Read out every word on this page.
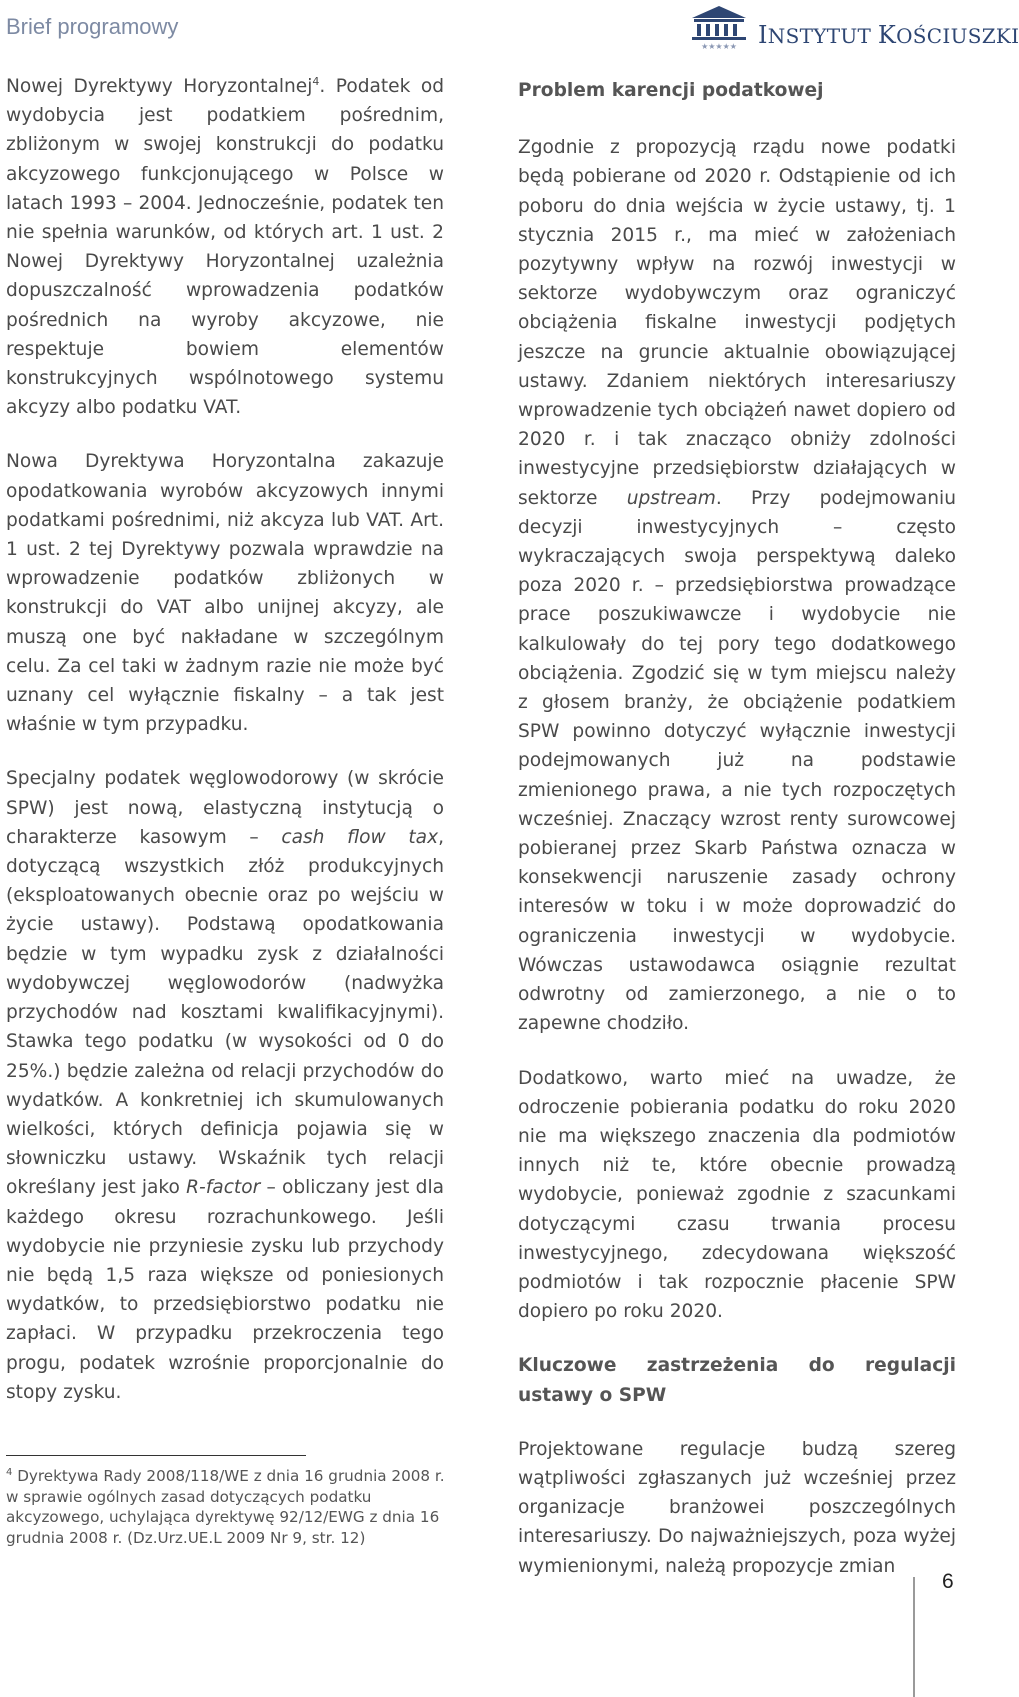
Brief programowy
★★★★★ INSTYTUT KOŚCIUSZKI

Nowej Dyrektywy Horyzontalnej$^4$. Podatek od wydobycia jest podatkiem pośrednim, zbliżonym w swojej konstrukcji do podatku akcyzowego funkcjonującego w Polsce w latach 1993 – 2004. Jednocześnie, podatek ten nie spełnia warunków, od których art. 1 ust. 2 Nowej Dyrektywy Horyzontalnej uzależnia dopuszczalność wprowadzenia podatków pośrednich na wyroby akcyzowe, nie respektuje bowiem elementów konstrukcyjnych wspólnotowego systemu akcyzy albo podatku VAT.

Nowa Dyrektywa Horyzontalna zakazuje opodatkowania wyrobów akcyzowych innymi podatkami pośrednimi, niż akcyza lub VAT. Art. 1 ust. 2 tej Dyrektywy pozwala wprawdzie na wprowadzenie podatków zbliżonych w konstrukcji do VAT albo unijnej akcyzy, ale muszą one być nakładane w szczególnym celu. Za cel taki w żadnym razie nie może być uznany cel wyłącznie fiskalny – a tak jest właśnie w tym przypadku.

Specjalny podatek węglowodorowy (w skrócie SPW) jest nową, elastyczną instytucją o charakterze kasowym – cash flow tax, dotyczącą wszystkich złóż produkcyjnych (eksploatowanych obecnie oraz po wejściu w życie ustawy). Podstawą opodatkowania będzie w tym wypadku zysk z działalności wydobywczej węglowodorów (nadwyżka przychodów nad kosztami kwalifikacyjnymi). Stawka tego podatku (w wysokości od 0 do 25%.) będzie zależna od relacji przychodów do wydatków. A konkretniej ich skumulowanych wielkości, których definicja pojawia się w słowniczku ustawy. Wskaźnik tych relacji określany jest jako R-factor – obliczany jest dla każdego okresu rozrachunkowego. Jeśli wydobycie nie przyniesie zysku lub przychody nie będą 1,5 raza większe od poniesionych wydatków, to przedsiębiorstwo podatku nie zapłaci. W przypadku przekroczenia tego progu, podatek wzrośnie proporcjonalnie do stopy zysku.

Problem karencji podatkowej

Zgodnie z propozycją rządu nowe podatki będą pobierane od 2020 r. Odstąpienie od ich poboru do dnia wejścia w życie ustawy, tj. 1 stycznia 2015 r., ma mieć w założeniach pozytywny wpływ na rozwój inwestycji w sektorze wydobywczym oraz ograniczyć obciążenia fiskalne inwestycji podjętych jeszcze na gruncie aktualnie obowiązującej ustawy. Zdaniem niektórych interesariuszy wprowadzenie tych obciążeń nawet dopiero od 2020 r. i tak znacząco obniży zdolności inwestycyjne przedsiębiorstw działających w sektorze upstream. Przy podejmowaniu decyzji inwestycyjnych – często wykraczających swoja perspektywą daleko poza 2020 r. – przedsiębiorstwa prowadzące prace poszukiwawcze i wydobycie nie kalkulowały do tej pory tego dodatkowego obciążenia. Zgodzić się w tym miejscu należy z głosem branży, że obciążenie podatkiem SPW powinno dotyczyć wyłącznie inwestycji podejmowanych już na podstawie zmienionego prawa, a nie tych rozpoczętych wcześniej. Znaczący wzrost renty surowcowej pobieranej przez Skarb Państwa oznacza w konsekwencji naruszenie zasady ochrony interesów w toku i w może doprowadzić do ograniczenia inwestycji w wydobycie. Wówczas ustawodawca osiągnie rezultat odwrotny od zamierzonego, a nie o to zapewne chodziło.

Dodatkowo, warto mieć na uwadze, że odroczenie pobierania podatku do roku 2020 nie ma większego znaczenia dla podmiotów innych niż te, które obecnie prowadzą wydobycie, ponieważ zgodnie z szacunkami dotyczącymi czasu trwania procesu inwestycyjnego, zdecydowana większość podmiotów i tak rozpocznie płacenie SPW dopiero po roku 2020.

Kluczowe zastrzeżenia do regulacji ustawy o SPW

Projektowane regulacje budzą szereg wątpliwości zgłaszanych już wcześniej przez organizacje branżowei poszczególnych interesariuszy. Do najważniejszych, poza wyżej wymienionymi, należą propozycje zmian

$^4$ Dyrektywa Rady 2008/118/WE z dnia 16 grudnia 2008 r. w sprawie ogólnych zasad dotyczących podatku akcyzowego, uchylająca dyrektywę 92/12/EWG z dnia 16 grudnia 2008 r. (Dz.Urz.UE.L 2009 Nr 9, str. 12)
6
